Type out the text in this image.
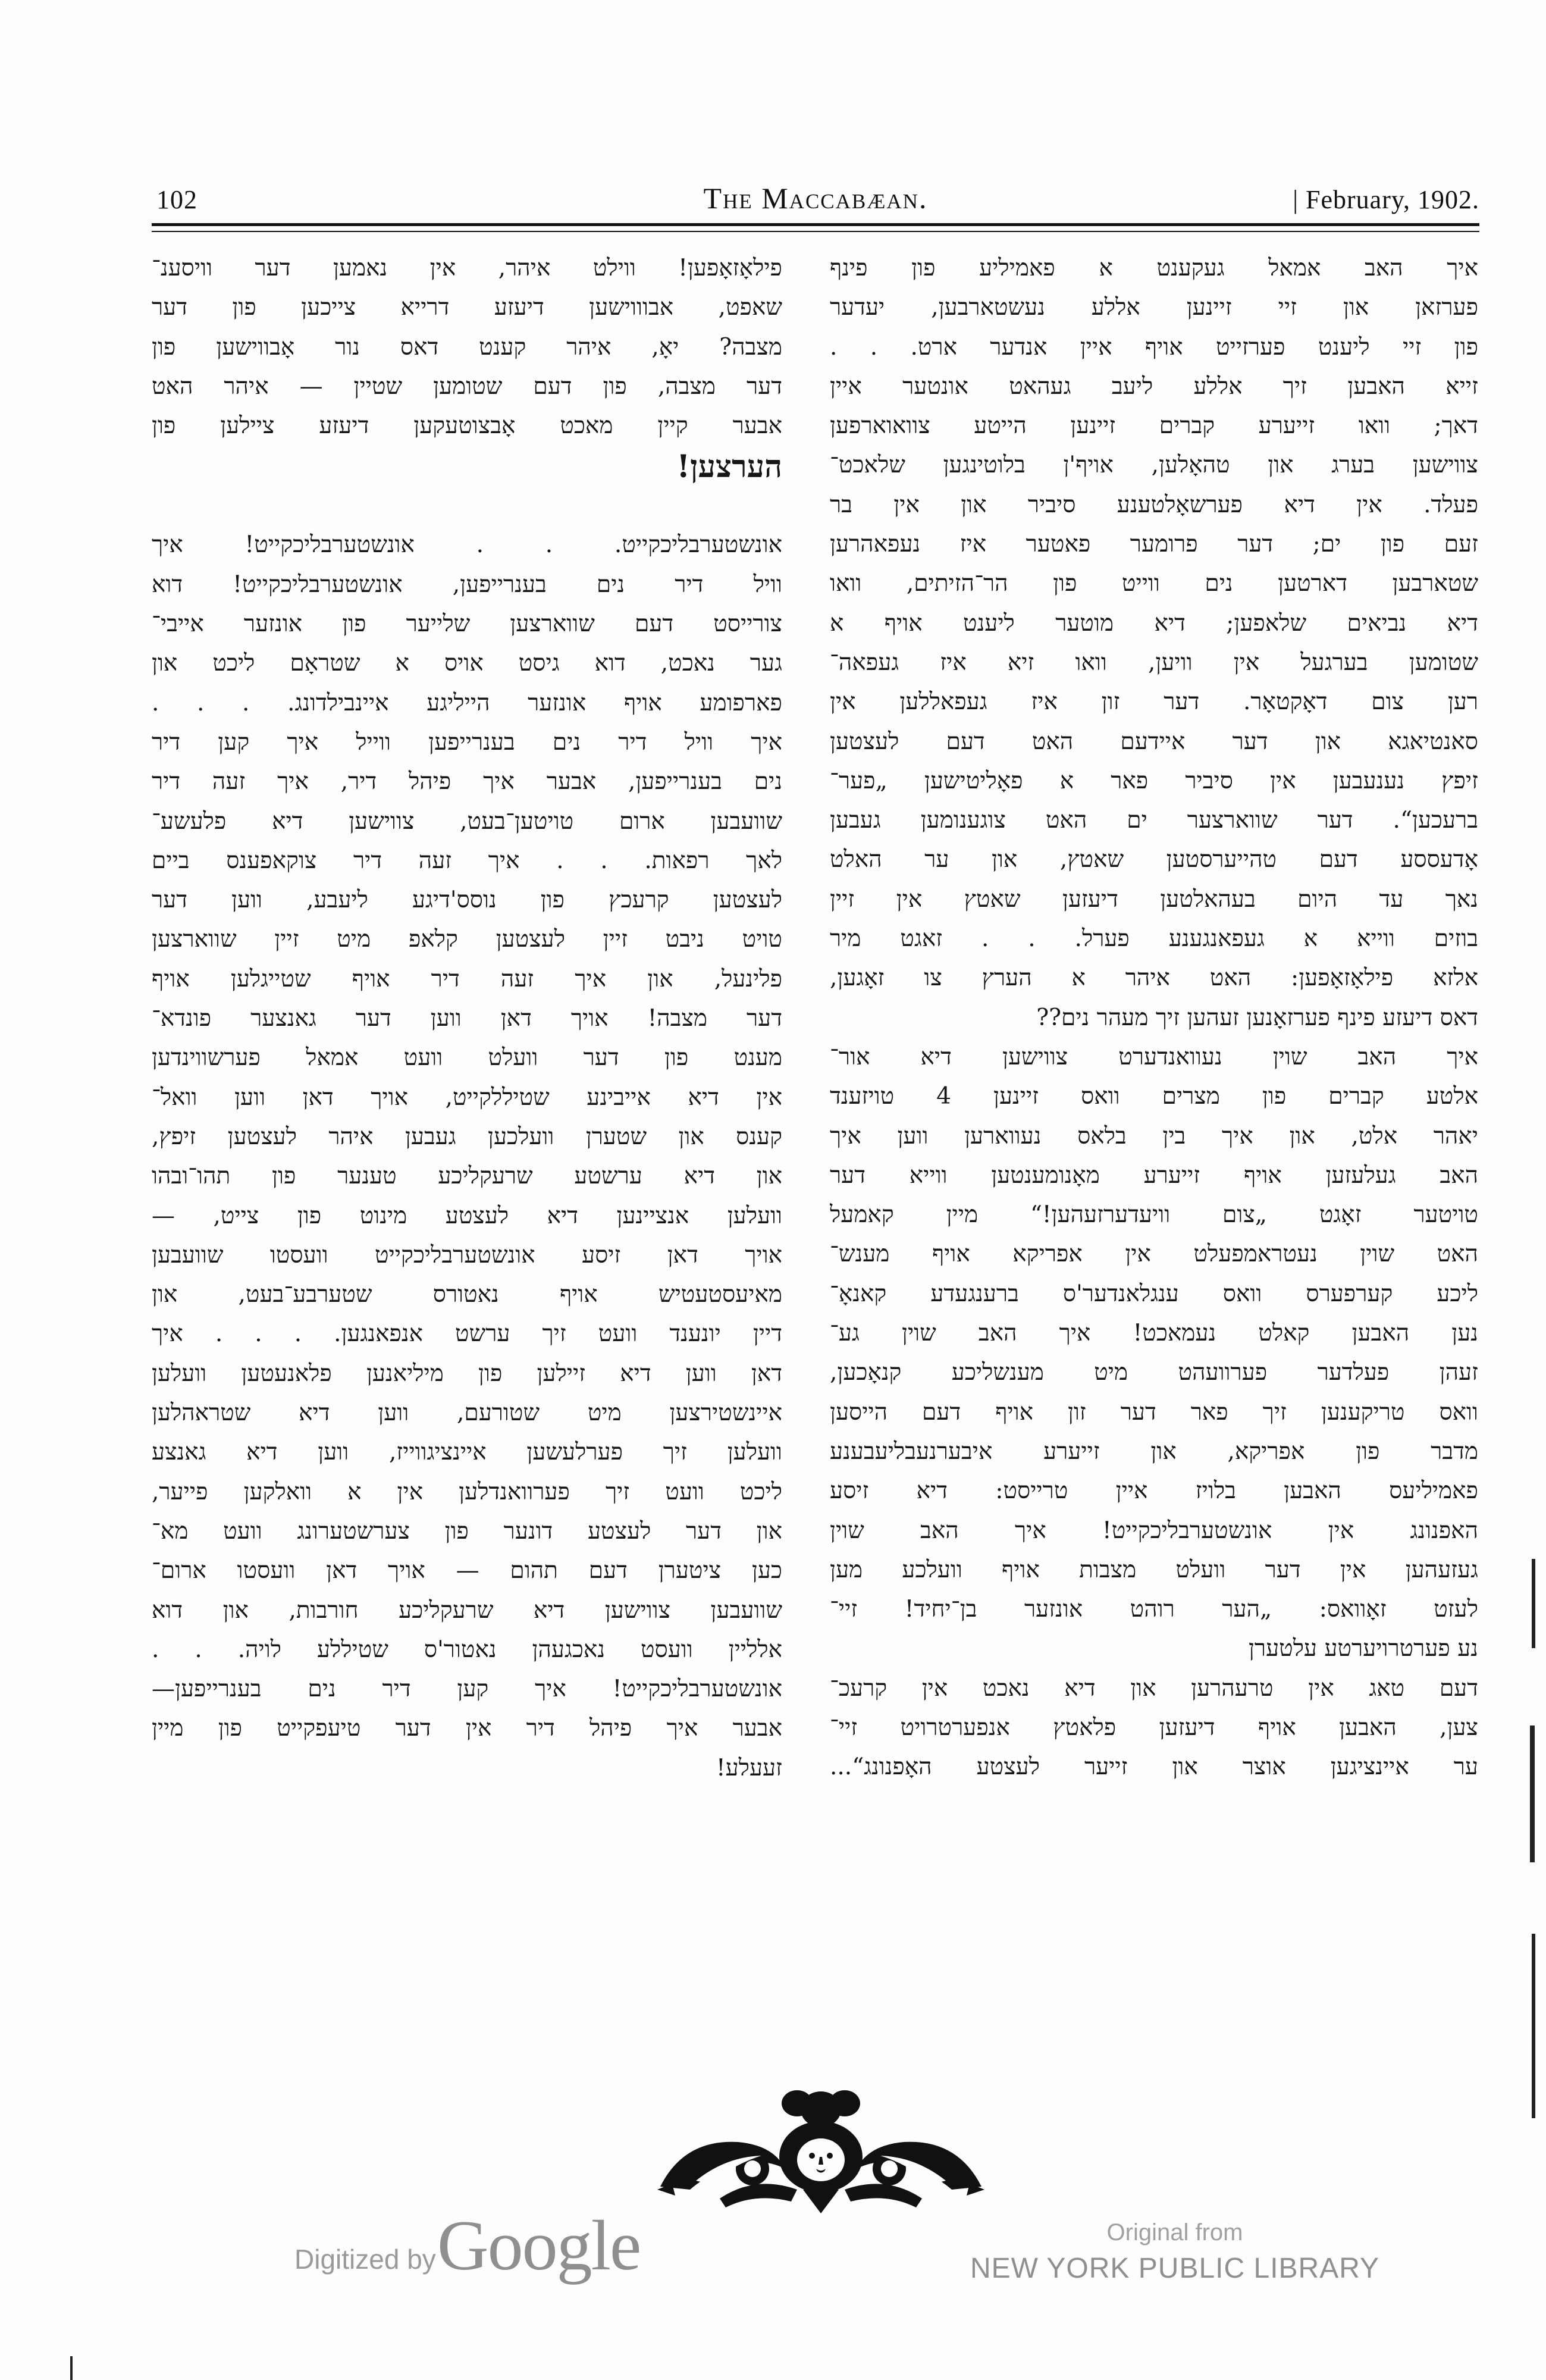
102	The Maccabæan.	| February, 1902.
איך האב אמאל געקענט א פאמיליע פון פינף
פערזאן און זיי זיינען אללע נעשטארבען, יעדער
פון זיי ליענט פערזייט אויף איין אנדער ארט. . .
זייא האבען זיך אללע ליעב געהאט אונטער איין
דאך; וואו זייערע קברים זיינען הייטע צוואוארפען
צווישען בערג און טהאָלען, אויף'ן בלוטינגען שלאכט־
פעלד. אין דיא פערשאָלטענע סיביר און אין בר
זעם פון ים; דער פרומער פאטער איז נעפאהרען
שטארבען דארטען נים ווייט פון הר־הזיתים, וואו
דיא נביאים שלאפען; דיא מוטער ליענט אויף א
שטומען בערגעל אין וויען, וואו זיא איז געפאה־
רען צום דאָקטאָר. דער זון איז געפאללען אין
סאנטיאגא און דער איידעם האט דעם לעצטען
זיפץ נענעבען אין סיביר פאר א פאָליטישען „פער־
ברעכען“. דער שווארצער ים האט צוגענומען געבען
אָדעססע דעם טהייערסטען שאטץ, און ער האלט
נאך עד היום בעהאלטען דיעזען שאטץ אין זיין
בוזים ווייא א געפאנגענע פערל. . . זאגט מיר
אלזא פילאָזאָפען: האט איהר א הערץ צו זאָגען,
דאס דיעזע פינף פערזאָנען זעהען זיך מעהר נים??
איך האב שוין נעוואנדערט צווישען דיא אור־
אלטע קברים פון מצרים וואס זיינען 4 טויזענד
יאהר אלט, און איך בין בלאס נעווארען ווען איך
האב געלעזען אויף זייערע מאָנומענטען ווייא דער
טויטער זאָגט „צום וויעדערזעהען!“ מיין קאמעל
האט שוין נעטראמפעלט אין אפריקא אויף מענש־
ליכע קערפערס וואס ענגלאנדער'ס ברענגעדע קאנאָ־
נען האבען קאלט נעמאכט! איך האב שוין גע־
זעהן פעלדער פערוועהט מיט מענשליכע קנאָכען,
וואס טריקענען זיך פאר דער זון אויף דעם הייסען
מדבר פון אפריקא, און זייערע איבערנעבליעבענע
פאמיליעס האבען בלויז איין טרייסט: דיא זיסע
האפנונג אין אונשטערבליכקייט! איך האב שוין
געזעהען אין דער וועלט מצבות אויף וועלכע מען
לעזט זאָוואס: „הער רוהט אונזער בן־יחיד! זיי־
נע פערטרויערטע עלטערן
דעם טאג אין טרעהרען און דיא נאכט אין קרעכ־
צען, האבען אויף דיעזען פלאטץ אנפערטרויט זיי־
ער איינציגען אוצר און זייער לעצטע האָפנונג“...
פילאָזאָפען! ווילט איהר, אין נאמען דער וויסענ־
שאפט, אבוווישען דיעזע דרייא צייכען פון דער
מצבה? יאָ, איהר קענט דאס נור אָבווישען פון
דער מצבה, פון דעם שטומען שטיין — איהר האט
אבער קיין מאכט אָבצוטעקען דיעזע ציילען פון
הערצען!
אונשטערבליכקייט. . . אונשטערבליכקייט! איך
וויל דיר נים בענרייפען, אונשטערבליכקייט! דוא
צורייסט דעם שווארצען שלייער פון אונזער אייבי־
גער נאכט, דוא גיסט אויס א שטראָם ליכט און
פארפומע אויף אונזער הייליגע איינבילדונג. . . .
איך וויל דיר נים בענרייפען ווייל איך קען דיר
נים בענרייפען, אבער איך פיהל דיר, איך זעה דיר
שוועבען ארום טויטען־בעט, צווישען דיא פלעשע־
לאך רפאות. . . איך זעה דיר צוקאפענס ביים
לעצטען קרעכץ פון נוסס'דיגע ליעבע, ווען דער
טויט ניבט זיין לעצטען קלאפ מיט זיין שווארצען
פלינעל, און איך זעה דיר אויף שטייגלען אויף
דער מצבה! אויך דאן ווען דער גאנצער פונדא־
מענט פון דער וועלט וועט אמאל פערשווינדען
אין דיא אייבינע שטיללקייט, אויך דאן ווען וואל־
קענס און שטערן וועלכען געבען איהר לעצטען זיפץ,
און דיא ערשטע שרעקליכע טענער פון תהו־ובהו
וועלען אנציינען דיא לעצטע מינוט פון צייט, —
אויך דאן זיסע אונשטערבליכקייט וועסטו שוועבען
מאיעסטעטיש אויף נאטורס שטערבע־בעט, און
דיין יונענד וועט זיך ערשט אנפאנגען. . . . איך
דאן ווען דיא זיילען פון מיליאנען פלאנעטען וועלען
איינשטירצען מיט שטורעם, ווען דיא שטראהלען
וועלען זיך פערלעשען איינציגווייז, ווען דיא גאנצע
ליכט וועט זיך פערוואנדלען אין א וואלקען פייער,
און דער לעצטע דונער פון צערשטערונג וועט מא־
כען ציטערן דעם תהום — אויך דאן וועסטו ארום־
שוועבען צווישען דיא שרעקליכע חורבות, און דוא
אלליין וועסט נאכגעהן נאטור'ס שטיללע לויה. . .
אונשטערבליכקייט! איך קען דיר נים בענרייפען—
אבער איך פיהל דיר אין דער טיעפקייט פון מיין
זעעלע!
Digitized by Google	Original from
NEW YORK PUBLIC LIBRARY
